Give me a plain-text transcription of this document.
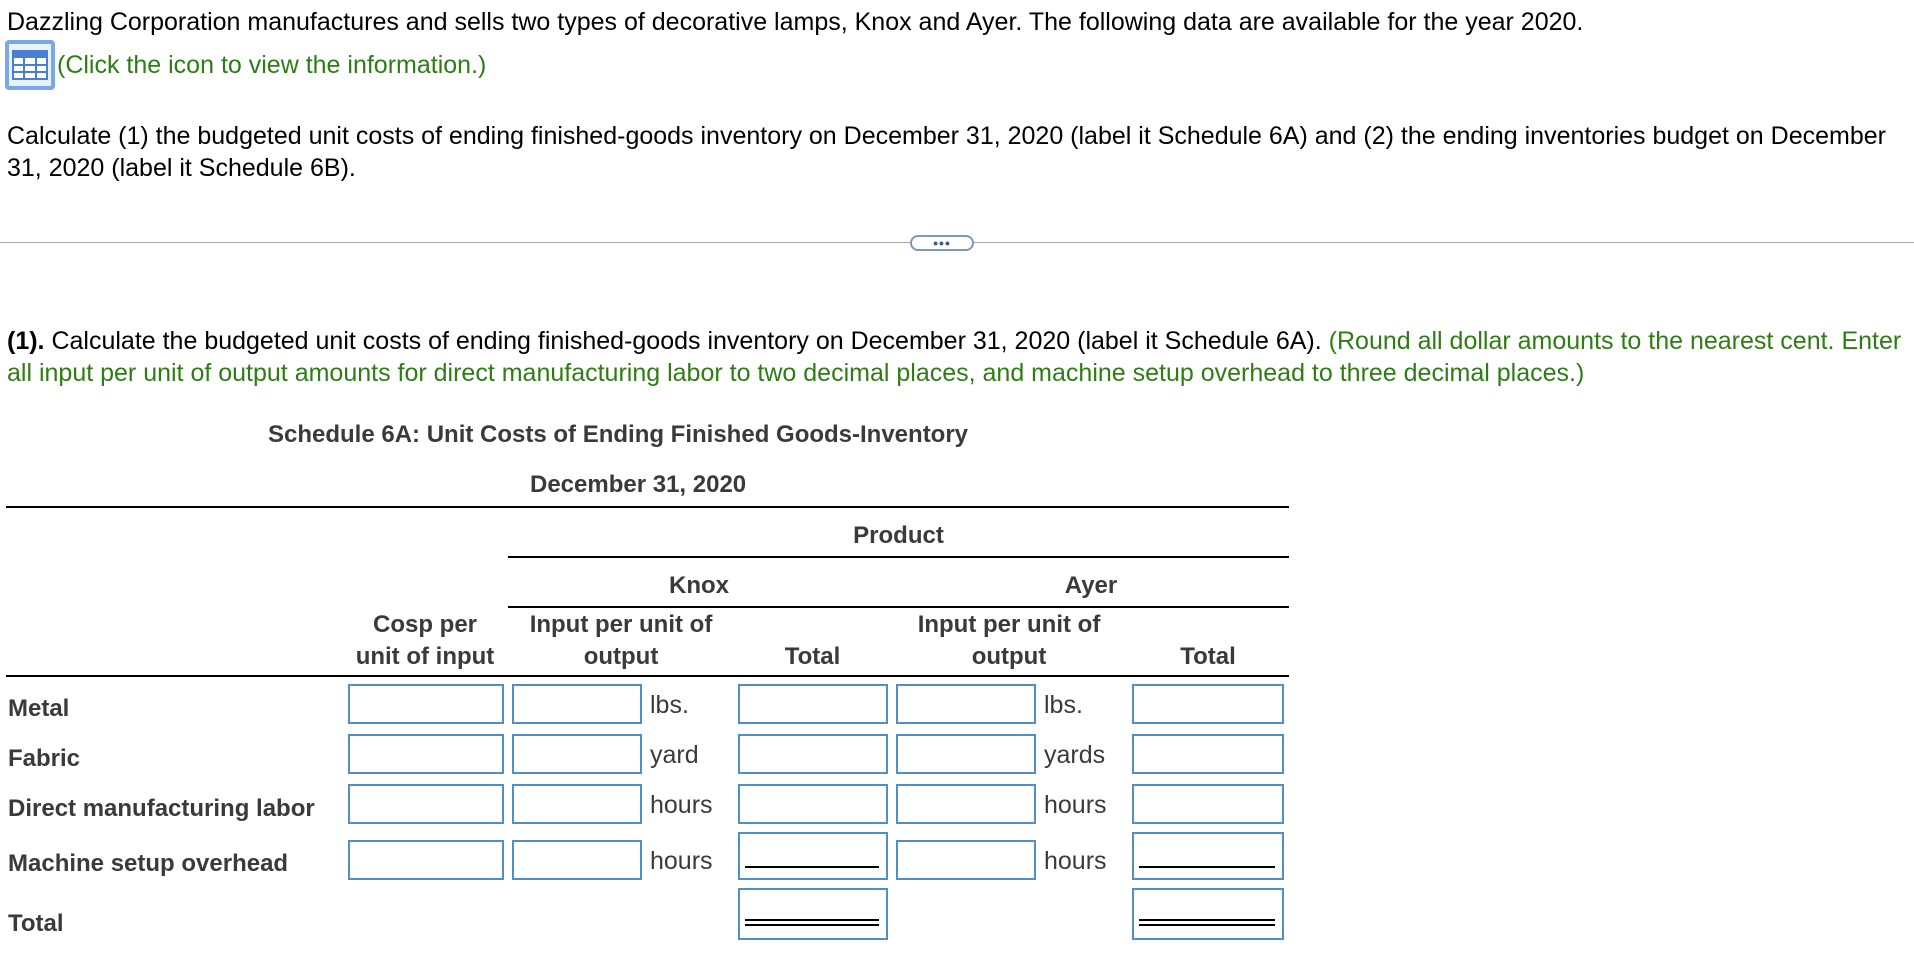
Dazzling Corporation manufactures and sells two types of decorative lamps, Knox and Ayer. The following data are available for the year 2020.
(Click the icon to view the information.)
Calculate (1) the budgeted unit costs of ending finished-goods inventory on December 31, 2020 (label it Schedule 6A) and (2) the ending inventories budget on December 31, 2020 (label it Schedule 6B).
•••
(1). Calculate the budgeted unit costs of ending finished-goods inventory on December 31, 2020 (label it Schedule 6A). (Round all dollar amounts to the nearest cent. Enter all input per unit of output amounts for direct manufacturing labor to two decimal places, and machine setup overhead to three decimal places.)
Schedule 6A: Unit Costs of Ending Finished Goods-Inventory
December 31, 2020
Product
Knox	Ayer
Cosp per
unit of input
Input per unit of
output	Total
Input per unit of
output	Total
Metal	lbs.	lbs.
Fabric	yard	yards
Direct manufacturing labor	hours	hours
Machine setup overhead	hours	hours
Total
